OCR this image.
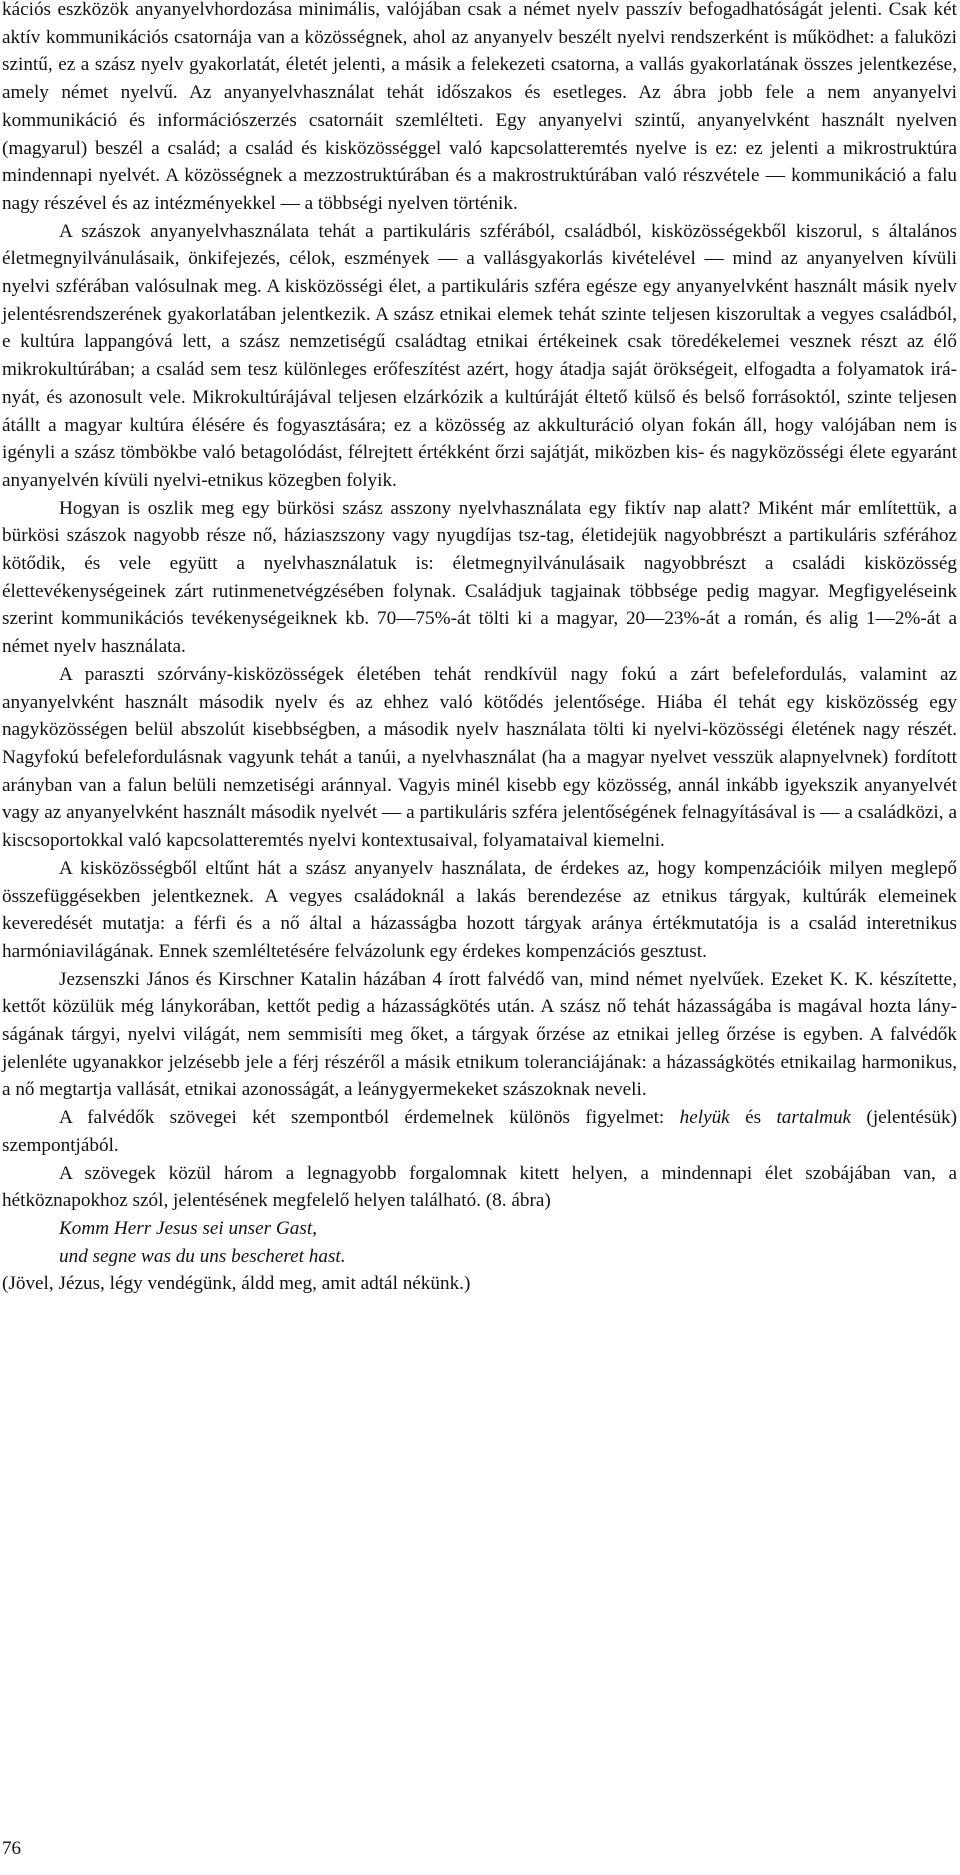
kációs eszközök anyanyelvhordozása minimális, valójában csak a német nyelv passzív befogadhatóságát jelenti. Csak két aktív kommunikációs csatornája van a közösségnek, ahol az anyanyelv beszélt nyelvi rendszerként is működhet: a faluközi szintű, ez a szász nyelv gyakorlatát, életét jelenti, a másik a felekezeti csatorna, a vallás gyakorlatának összes jelentkezése, amely német nyelvű. Az anyanyelvhasználat tehát időszakos és esetleges. Az ábra jobb fele a nem anyanyelvi kommunikáció és információszerzés csatornáit szemlélteti. Egy anyanyelvi szintű, anyanyelvként használt nyelven (magyarul) beszél a család; a család és kisközösséggel való kapcsolatteremtés nyelve is ez: ez jelenti a mikrostruktúra mindennapi nyelvét. A közösségnek a mezzostruktúrában és a makrostruktúrában való részvétele — kommunikáció a falu nagy részével és az intézményekkel — a többségi nyelven történik.

A szászok anyanyelvhasználata tehát a partikuláris szférából, családból, kisközösségekből kiszorul, s általános életmegnyilvánulásaik, önkifejezés, célok, eszmények — a vallásgyakorlás kivételével — mind az anyanyelven kívüli nyelvi szférában valósulnak meg. A kisközösségi élet, a partikuláris szféra egésze egy anyanyelvként használt másik nyelv jelentésrendszerének gyakorlatában jelentkezik. A szász etnikai elemek tehát szinte teljesen kiszorultak a vegyes családból, e kultúra lappangóvá lett, a szász nemzetiségű családtag etnikai értékeinek csak töredékelemei vesznek részt az élő mikrokultúrában; a család sem tesz különleges erőfeszítést azért, hogy átadja saját örökségeit, elfogadta a folyamatok irányát, és azonosult vele. Mikrokultúrájával teljesen elzárkózik a kultúráját éltető külső és belső forrásoktól, szinte teljesen átállt a magyar kultúra élésére és fogyasztására; ez a közösség az akkulturáció olyan fokán áll, hogy valójában nem is igényli a szász tömbökbe való betagolódást, félrejtett értékként őrzi sajátját, miközben kis- és nagyközösségi élete egyaránt anyanyelvén kívüli nyelvi-etnikus közegben folyik.

Hogyan is oszlik meg egy bürkösi szász asszony nyelvhasználata egy fiktív nap alatt? Miként már említettük, a bürkösi szászok nagyobb része nő, háziaszszony vagy nyugdíjas tsz-tag, életidejük nagyobbrészt a partikuláris szférához kötődik, és vele együtt a nyelvhasználatuk is: életmegnyilvánulásaik nagyobbrészt a családi kisközösség élettevékenységeinek zárt rutinmenetvégzésében folynak. Családjuk tagjainak többsége pedig magyar. Megfigyeléseink szerint kommunikációs tevékenységeiknek kb. 70—75%-át tölti ki a magyar, 20—23%-át a román, és alig 1—2%-át a német nyelv használata.

A paraszti szórvány-kisközösségek életében tehát rendkívül nagy fokú a zárt befelefordulás, valamint az anyanyelvként használt második nyelv és az ehhez való kötődés jelentősége. Hiába él tehát egy kisközösség egy nagyközösségen belül abszolút kisebbségben, a második nyelv használata tölti ki nyelvi-közösségi életének nagy részét. Nagyfokú befelefordulásnak vagyunk tehát a tanúi, a nyelvhasználat (ha a magyar nyelvet vesszük alapnyelvnek) fordított arányban van a falun belüli nemzetiségi aránnyal. Vagyis minél kisebb egy közösség, annál inkább igyekszik anyanyelvét vagy az anyanyelvként használt második nyelvét — a partikuláris szféra jelentőségének felnagyításával is — a családközi, a kiscsoportokkal való kapcsolatteremtés nyelvi kontextusaival, folyamataival kiemelni.

A kisközösségből eltűnt hát a szász anyanyelv használata, de érdekes az, hogy kompenzációik milyen meglepő összefüggésekben jelentkeznek. A vegyes családoknál a lakás berendezése az etnikus tárgyak, kultúrák elemeinek keveredését mutatja: a férfi és a nő által a házasságba hozott tárgyak aránya értékmutatója is a család interetnikus harmóniavilágának. Ennek szemléltetésére felvázolunk egy érdekes kompenzációs gesztust.

Jezsenszki János és Kirschner Katalin házában 4 írott falvédő van, mind német nyelvűek. Ezeket K. K. készítette, kettőt közülük még lánykorában, kettőt pedig a házasságkötés után. A szász nő tehát házasságába is magával hozta lányságának tárgyi, nyelvi világát, nem semmisíti meg őket, a tárgyak őrzése az etnikai jelleg őrzése is egyben. A falvédők jelenléte ugyanakkor jelzésebb jele a férj részéről a másik etnikum toleranciájának: a házasságkötés etnikailag harmonikus, a nő megtartja vallását, etnikai azonosságát, a leánygyermekeket szászoknak neveli.

A falvédők szövegei két szempontból érdemelnek különös figyelmet: helyük és tartalmuk (jelentésük) szempontjából.

A szövegek közül három a legnagyobb forgalomnak kitett helyen, a mindennapi élet szobájában van, a hétköznapokhoz szól, jelentésének megfelelő helyen található. (8. ábra)

Komm Herr Jesus sei unser Gast,

und segne was du uns bescheret hast.

(Jövel, Jézus, légy vendégünk, áldd meg, amit adtál nékünk.)

76
